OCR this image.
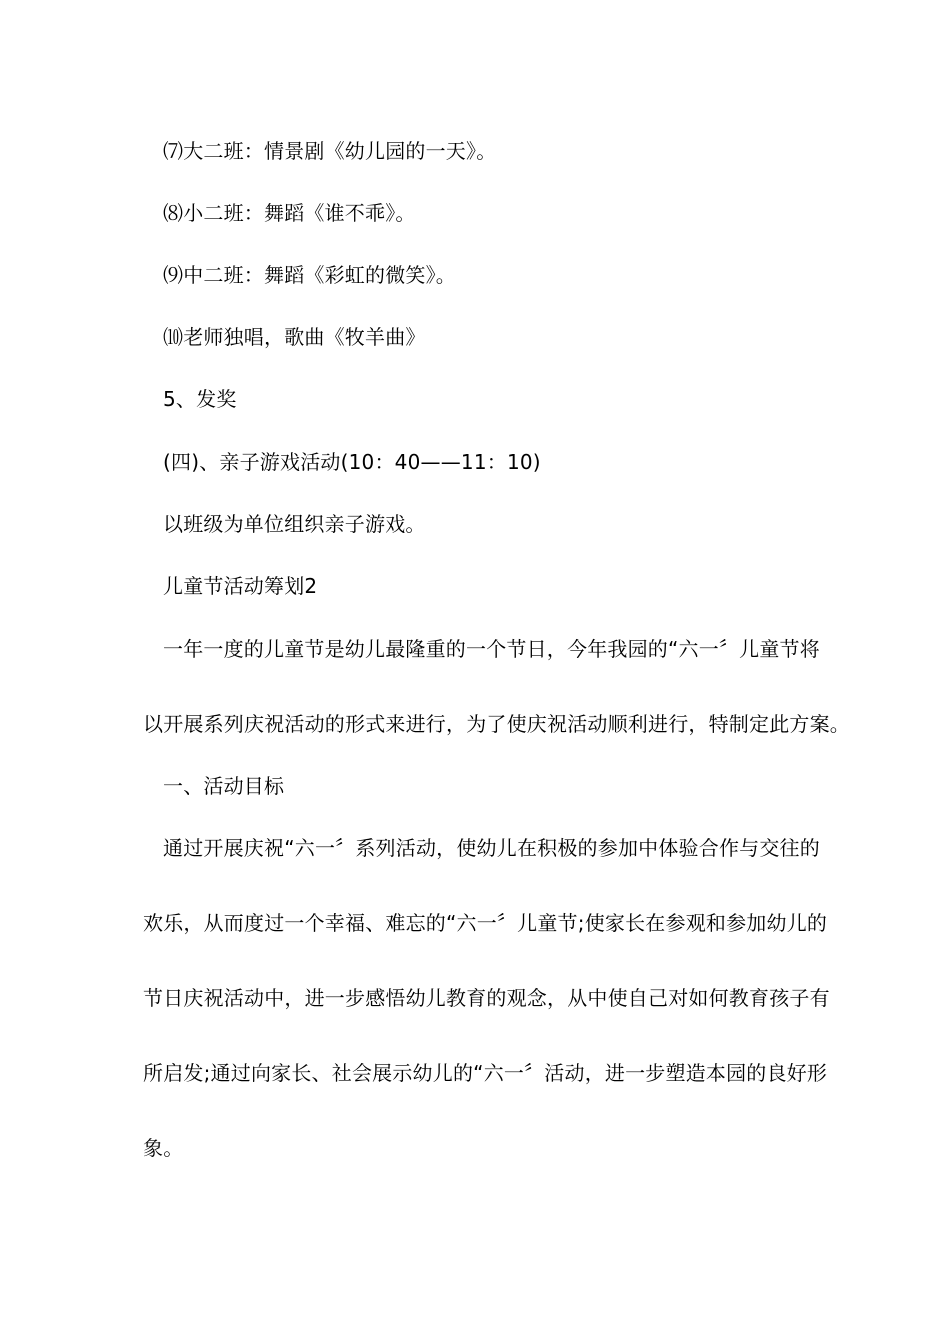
⑺大二班：情景剧《幼儿园的一天》。
⑻小二班：舞蹈《谁不乖》。
⑼中二班：舞蹈《彩虹的微笑》。
⑽老师独唱，歌曲《牧羊曲》
5、发奖
(四)、亲子游戏活动(10：40——11：10)
以班级为单位组织亲子游戏。
儿童节活动筹划2
一年一度的儿童节是幼儿最隆重的一个节日，今年我园的“六一〞儿童节将
以开展系列庆祝活动的形式来进行，为了使庆祝活动顺利进行，特制定此方案。
一、活动目标
通过开展庆祝“六一〞系列活动，使幼儿在积极的参加中体验合作与交往的
欢乐，从而度过一个幸福、难忘的“六一〞儿童节;使家长在参观和参加幼儿的
节日庆祝活动中，进一步感悟幼儿教育的观念，从中使自己对如何教育孩子有
所启发;通过向家长、社会展示幼儿的“六一〞活动，进一步塑造本园的良好形
象。
